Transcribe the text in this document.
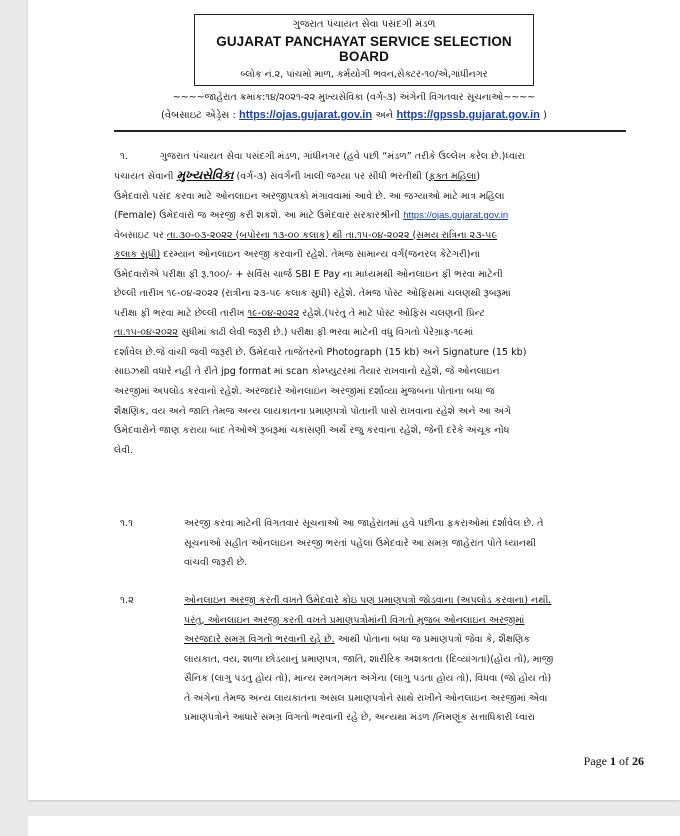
ગુજરાત પંચાયત સેવા પસંદગી મંડળ
GUJARAT PANCHAYAT SERVICE SELECTION BOARD
બ્લોક નં.૨, પાંચમો માળ, કર્મયોગી ભવન,સેક્ટર-૧૦/એ,ગાંધીનગર
~~~~જાહેરાત ક્રમાંક:૧૪/૨૦૨૧-૨૨ મુખ્યસેવિકા (વર્ગ-૩) અંગેની વિગતવાર સૂચનાઓ~~~~
(વેબસાઇટ એડ્રેસ : https://ojas.gujarat.gov.in અને https://gpssb.gujarat.gov.in )
૧.	ગુજરાત પંચાયત સેવા પસંદગી મંડળ, ગાંધીનગર (હવે પછી “મંડળ” તરીકે ઉલ્લેખ કરેલ છે.)ધ્વારા
પંચાયત સેવાની મુખ્યસેવિકા (વર્ગ-૩) સંવર્ગની ખાલી જગ્યા પર સીધી ભરતીથી (ફક્ત મહિલા)
ઉમેદવારો પસંદ કરવા માટે ઓનલાઇન અરજીપત્રકો મંગાવવામાં આવે છે. આ જગ્યાઓ માટે માત્ર મહિલા
(Female) ઉમેદવારો જ અરજી કરી શકશે. આ માટે ઉમેદવાર સરકારશ્રીની https://ojas.gujarat.gov.in
વેબસાઇટ પર તા.૩૦-૦૩-૨૦૨૨ (બપોરના ૧૩-૦૦ કલાક) થી તા.૧૫-૦૪-૨૦૨૨ (સમય રાત્રિના ૨૩-૫૯
કલાક સુધી) દરમ્યાન ઓનલાઇન અરજી કરવાની રહેશે. તેમજ સામાન્ય વર્ગ(જનરલ કેટેગરી)ના
ઉમેદવારોએ પરીક્ષા ફી રૂ.૧૦૦/- + સર્વિસ ચાર્જ SBI E Pay ના માધ્યમથી ઓનલાઇન ફી ભરવા માટેની
છેલ્લી તારીખ ૧૯-૦૪-૨૦૨૨ (રાત્રીના ૨૩-૫૯ કલાક સુધી) રહેશે. તેમજ પોસ્ટ ઓફિસમાં ચલણથી રૂબરૂમાં
પરીક્ષા ફી ભરવા માટે છેલ્લી તારીખ ૧૯-૦૪-૨૦૨૨ રહેશે.(પરંતુ તે માટે પોસ્ટ ઓફિસ ચલણની પ્રિન્ટ
તા.૧૫-૦૪-૨૦૨૨ સુધીમાં કાઢી લેવી જરૂરી છે.) પરીક્ષા ફી ભરવા માટેની વધુ વિગતો પેરેગ્રાફ-૧૯માં
દર્શાવેલ છે.જે વાંચી જવી જરૂરી છે. ઉમેદવારે તાજેતરનો Photograph (15 kb) અને Signature (15 kb)
સાઇઝથી વધારે નહીં તે રીતે jpg format માં scan કોમ્પ્યુટરમાં તૈયાર રાખવાનો રહેશે, જે ઓનલાઇન
અરજીમાં અપલોડ કરવાનો રહેશે. અરજદારે ઓનલાઇન અરજીમાં દર્શાવ્યા મુજબના પોતાના બધા જ
શૈક્ષણિક, વય અને જાતિ તેમજ અન્ય લાયકાતના પ્રમાણપત્રો પોતાની પાસે રાખવાના રહેશે અને આ અંગે
ઉમેદવારોને જાણ કરાયા બાદ તેઓએ રૂબરૂમાં ચકાસણી અર્થે રજુ કરવાના રહેશે, જેની દરેકે અચૂક નોંધ
લેવી.
૧.૧	અરજી કરવા માટેની વિગતવાર સૂચનાઓ આ જાહેરાતમાં હવે પછીના ફકરાઓમાં દર્શાવેલ છે. તે
સૂચનાઓ સહીત ઓનલાઇન અરજી ભરતાં પહેલાં ઉમેદવારે આ સમગ્ર જાહેરાત પોતે ધ્યાનથી
વાંચવી જરૂરી છે.
૧.૨	ઓનલાઇન અરજી કરતી વખતે ઉમેદવારે કોઇ પણ પ્રમાણપત્રો જોડવાના (અપલોડ કરવાના) નથી.
પરંતુ, ઓનલાઇન અરજી કરતી વખતે પ્રમાણપત્રોમાંની વિગતો મુજબ ઓનલાઇન અરજીમાં
અરજદારે સમગ્ર વિગતો ભરવાની રહે છે. આથી પોતાના બધા જ પ્રમાણપત્રો જેવા કે, શૈક્ષણિક
લાયકાત, વય, શાળા છોડયાનું પ્રમાણપત્ર, જાતિ, શારીરિક અશક્તતા (દિવ્યાંગતા)(હોય તો), માજી
સૈનિક (લાગુ પડતુ હોય તો), માન્ય રમતગમત અંગેના (લાગુ પડતા હોય તો), વિધવા (જો હોય તો)
તે અંગેના તેમજ અન્ય લાયકાતના અસલ પ્રમાણપત્રોને સાથે રાખીને ઓનલાઇન અરજીમાં એવા
પ્રમાણપત્રોને આધારે સમગ્ર વિગતો ભરવાની રહે છે, અન્યથા મંડળ /નિમણૂંક સત્તાધિકારી ધ્વારા
Page 1 of 26
